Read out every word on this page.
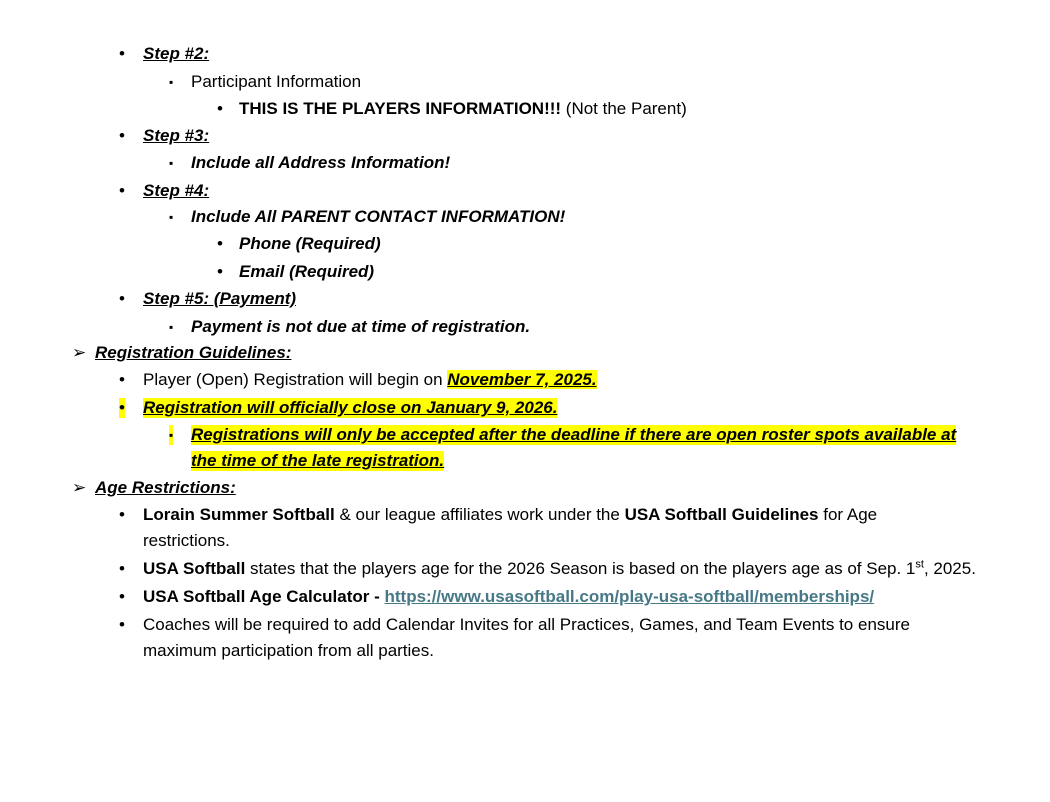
• Step #2:
▪ Participant Information
• THIS IS THE PLAYERS INFORMATION!!! (Not the Parent)
• Step #3:
▪ Include all Address Information!
• Step #4:
▪ Include All PARENT CONTACT INFORMATION!
• Phone (Required)
• Email (Required)
• Step #5: (Payment)
▪ Payment is not due at time of registration.
➢ Registration Guidelines:
• Player (Open) Registration will begin on November 7, 2025.
• Registration will officially close on January 9, 2026.
▪ Registrations will only be accepted after the deadline if there are open roster spots available at
the time of the late registration.
➢ Age Restrictions:
• Lorain Summer Softball & our league affiliates work under the USA Softball Guidelines for Age
restrictions.
• USA Softball states that the players age for the 2026 Season is based on the players age as of Sep. 1st, 2025.
• USA Softball Age Calculator - https://www.usasoftball.com/play-usa-softball/memberships/
• Coaches will be required to add Calendar Invites for all Practices, Games, and Team Events to ensure
maximum participation from all parties.
